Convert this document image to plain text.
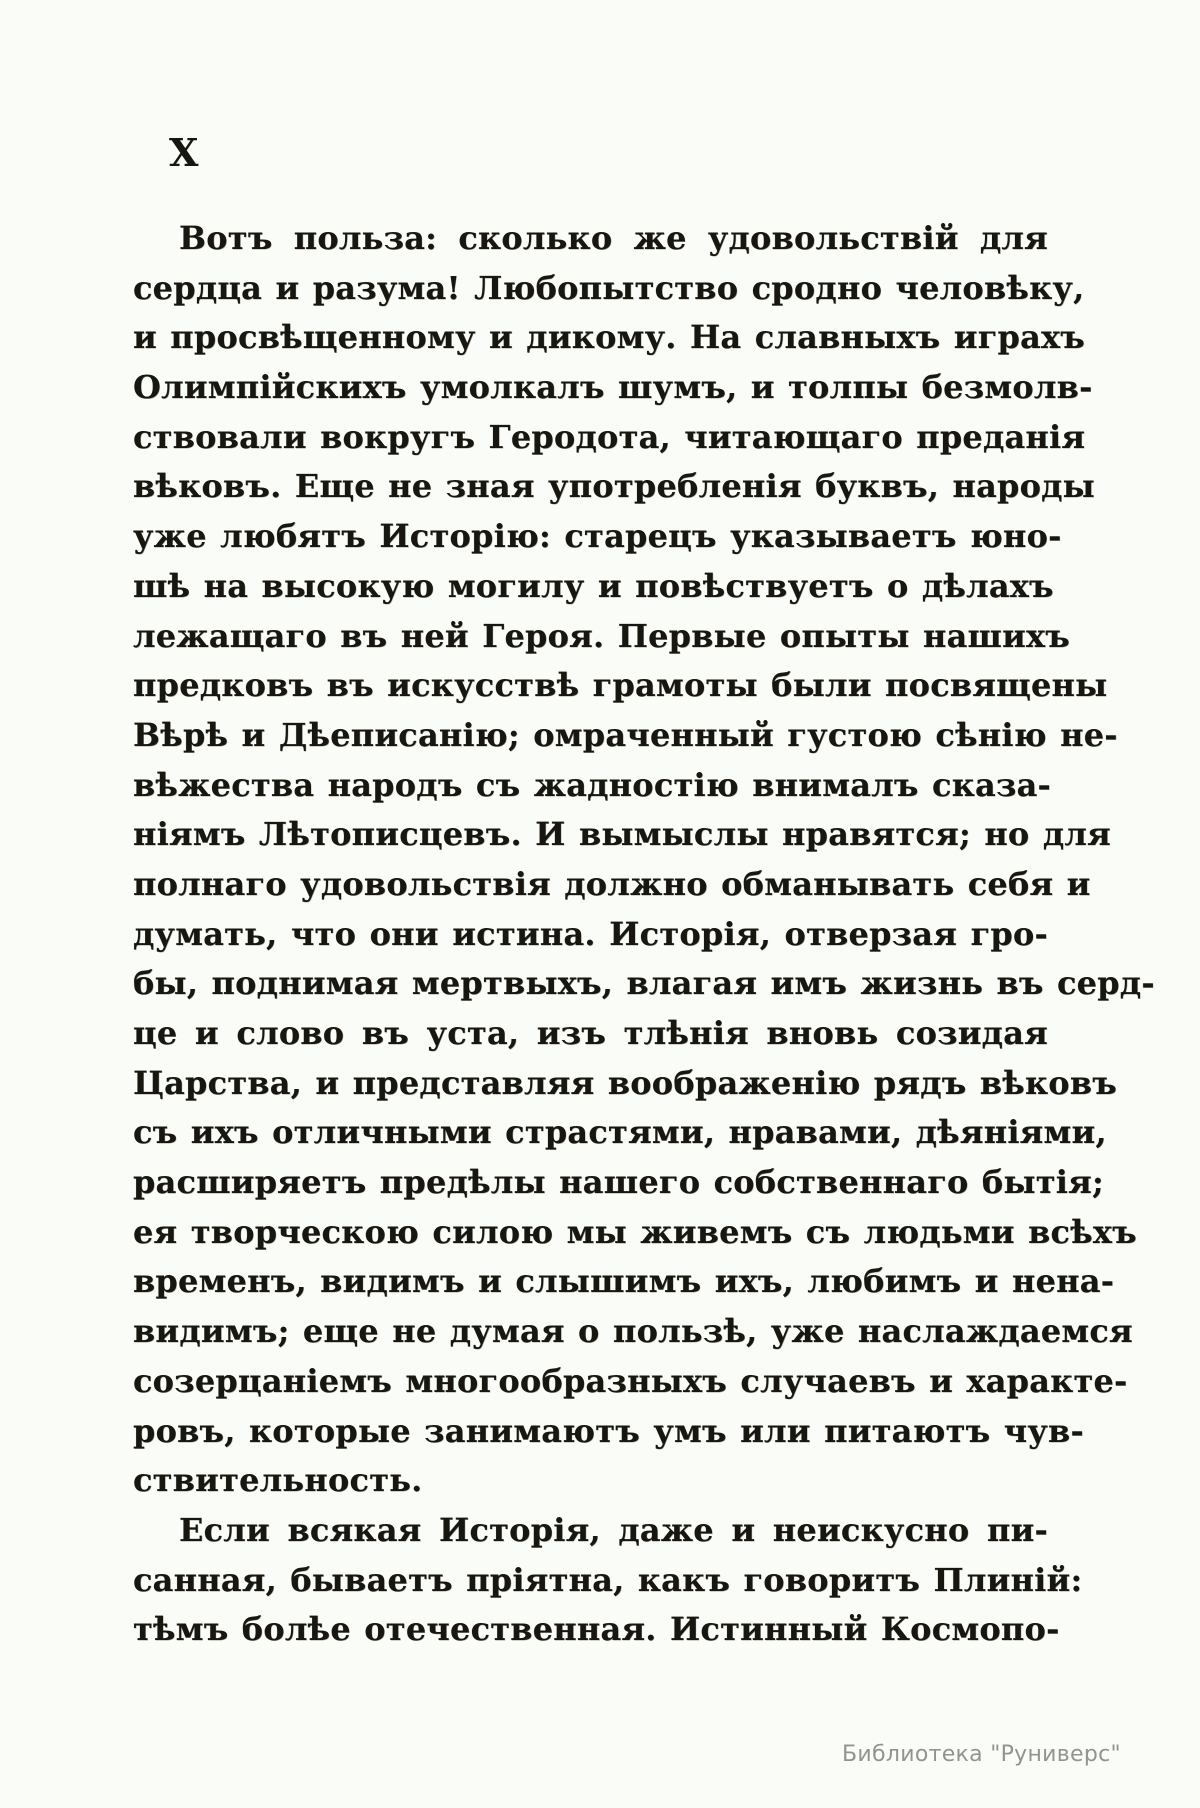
X
Вотъ польза: сколько же удовольствій для
сердца и разума! Любопытство сродно человѣку,
и просвѣщенному и дикому. На славныхъ играхъ
Олимпійскихъ умолкалъ шумъ, и толпы безмолв-
ствовали вокругъ Геродота, читающаго преданія
вѣковъ. Еще не зная употребленія буквъ, народы
уже любятъ Исторію: старецъ указываетъ юно-
шѣ на высокую могилу и повѣствуетъ о дѣлахъ
лежащаго въ ней Героя. Первые опыты нашихъ
предковъ въ искусствѣ грамоты были посвящены
Вѣрѣ и Дѣеписанію; омраченный густою сѣнію не-
вѣжества народъ съ жадностію внималъ сказа-
ніямъ Лѣтописцевъ. И вымыслы нравятся; но для
полнаго удовольствія должно обманывать себя и
думать, что они истина. Исторія, отверзая гро-
бы, поднимая мертвыхъ, влагая имъ жизнь въ серд-
це и слово въ уста, изъ тлѣнія вновь созидая
Царства, и представляя воображенію рядъ вѣковъ
съ ихъ отличными страстями, нравами, дѣяніями,
расширяетъ предѣлы нашего собственнаго бытія;
ея творческою силою мы живемъ съ людьми всѣхъ
временъ, видимъ и слышимъ ихъ, любимъ и нена-
видимъ; еще не думая о пользѣ, уже наслаждаемся
созерцаніемъ многообразныхъ случаевъ и характе-
ровъ, которые занимаютъ умъ или питаютъ чув-
ствительность.
Если всякая Исторія, даже и неискусно пи-
санная, бываетъ пріятна, какъ говоритъ Плиній:
тѣмъ болѣе отечественная. Истинный Космопо-
Библиотека "Руниверс"
